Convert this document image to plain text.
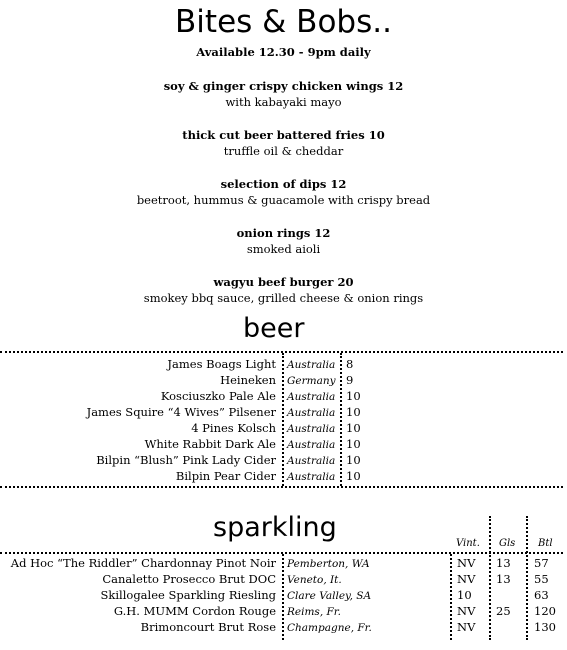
Bites & Bobs..
Available 12.30 - 9pm daily
soy & ginger crispy chicken wings 12
with kabayaki mayo
thick cut beer battered fries 10
truffle oil & cheddar
selection of dips 12
beetroot, hummus & guacamole with crispy bread
onion rings 12
smoked aioli
wagyu beef burger 20
smokey bbq sauce, grilled cheese & onion rings
beer
James Boags Light Australia 8
Heineken Germany 9
Kosciuszko Pale Ale Australia 10
James Squire “4 Wives” Pilsener Australia 10
4 Pines Kolsch Australia 10
White Rabbit Dark Ale Australia 10
Bilpin “Blush” Pink Lady Cider Australia 10
Bilpin Pear Cider Australia 10
sparkling
Vint. Gls Btl
Ad Hoc “The Riddler” Chardonnay Pinot Noir Pemberton, WA	NV 13 57
Canaletto Prosecco Brut DOC Veneto, It.	NV 13 55
Skillogalee Sparkling Riesling Clare Valley, SA	10	63
G.H. MUMM Cordon Rouge Reims, Fr.	NV 25 120
Brimoncourt Brut Rose Champagne, Fr.	NV	130
